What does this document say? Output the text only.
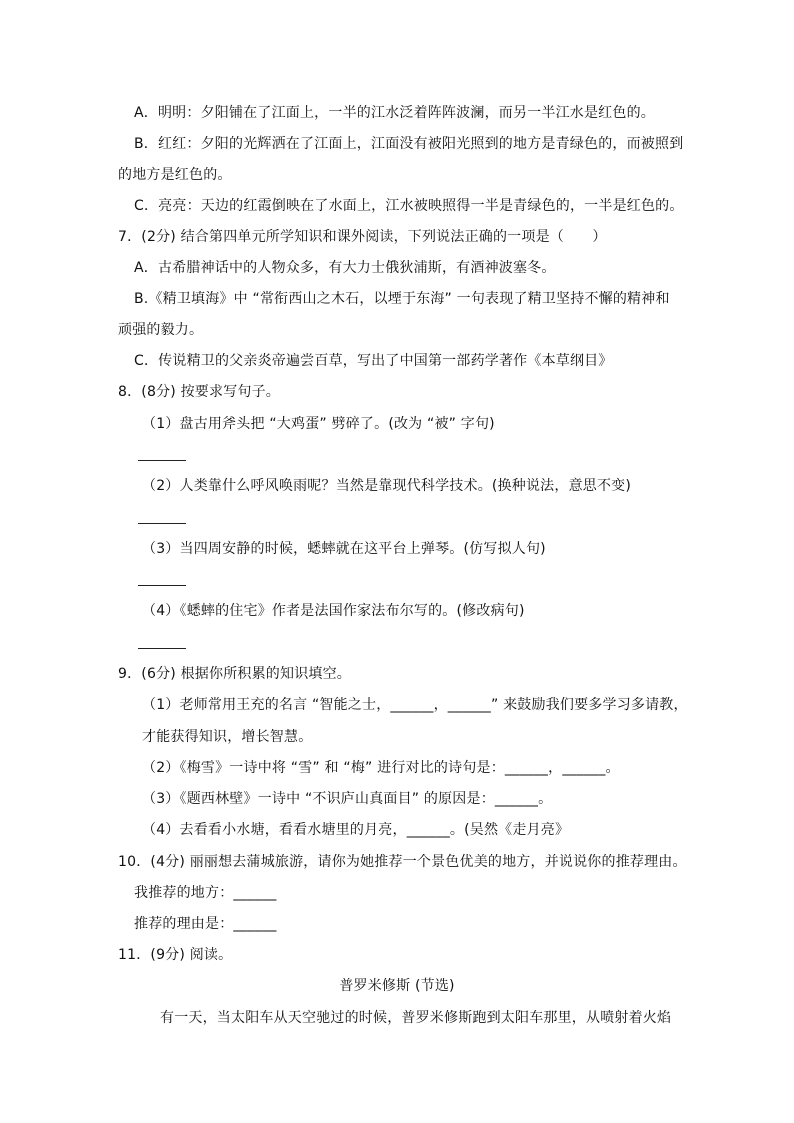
A．明明：夕阳铺在了江面上，一半的江水泛着阵阵波澜，而另一半江水是红色的。
B．红红：夕阳的光辉洒在了江面上，江面没有被阳光照到的地方是青绿色的，而被照到
的地方是红色的。
C．亮亮：天边的红霞倒映在了水面上，江水被映照得一半是青绿色的，一半是红色的。
7．(2分) 结合第四单元所学知识和课外阅读，下列说法正确的一项是（　　）
A．古希腊神话中的人物众多，有大力士俄狄浦斯，有酒神波塞冬。
B.《精卫填海》中 “常衔西山之木石，以堙于东海” 一句表现了精卫坚持不懈的精神和
顽强的毅力。
C．传说精卫的父亲炎帝遍尝百草，写出了中国第一部药学著作《本草纲目》
8．(8分) 按要求写句子。
（1）盘古用斧头把 “大鸡蛋” 劈碎了。(改为 “被” 字句)
（2）人类靠什么呼风唤雨呢？当然是靠现代科学技术。(换种说法，意思不变)
（3）当四周安静的时候，蟋蟀就在这平台上弹琴。(仿写拟人句)
（4）《蟋蟀的住宅》作者是法国作家法布尔写的。(修改病句)
9．(6分) 根据你所积累的知识填空。
（1）老师常用王充的名言 “智能之士，______，______” 来鼓励我们要多学习多请教，
才能获得知识，增长智慧。
（2）《梅雪》一诗中将 “雪” 和 “梅” 进行对比的诗句是：______，______。
（3）《题西林壁》一诗中 “不识庐山真面目” 的原因是：______。
（4）去看看小水塘，看看水塘里的月亮，______。(吴然《走月亮》
10．(4分) 丽丽想去蒲城旅游，请你为她推荐一个景色优美的地方，并说说你的推荐理由。
我推荐的地方：______
推荐的理由是：______
11．(9分) 阅读。
普罗米修斯 (节选)
有一天，当太阳车从天空驰过的时候，普罗米修斯跑到太阳车那里，从喷射着火焰
